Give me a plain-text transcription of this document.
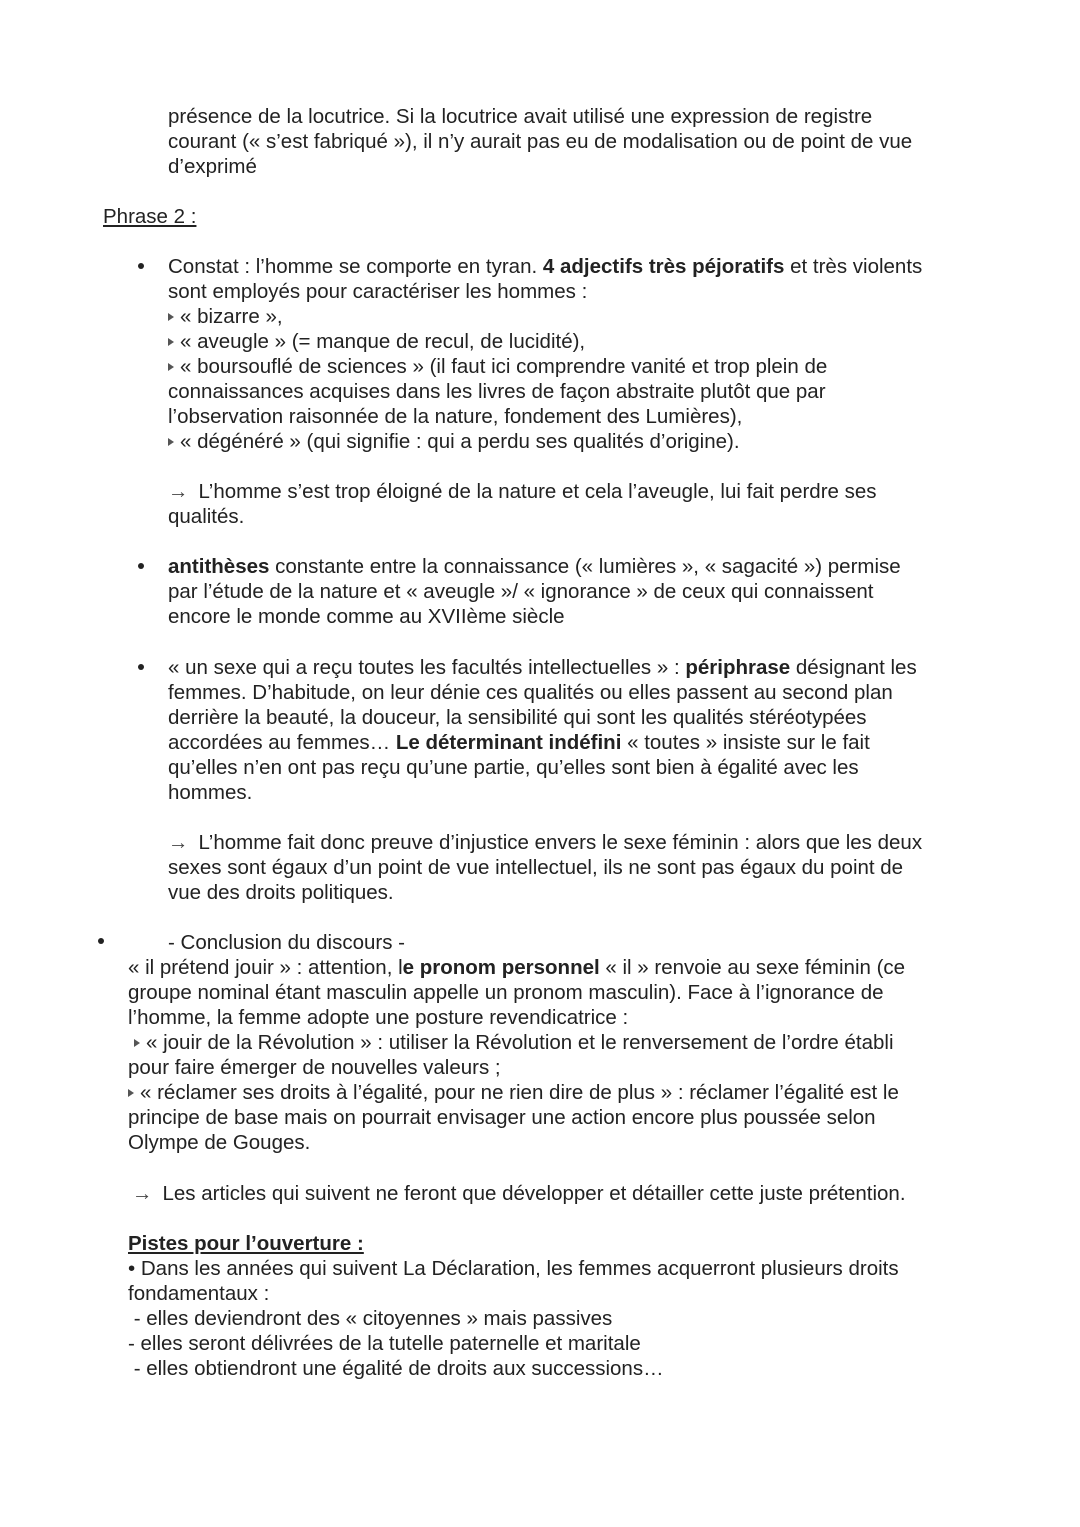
présence de la locutrice. Si la locutrice avait utilisé une expression de registre

courant (« s’est fabriqué »), il n’y aurait pas eu de modalisation ou de point de vue

d’exprimé

Phrase 2 :

Constat : l’homme se comporte en tyran. 4 adjectifs très péjoratifs et très violents

sont employés pour caractériser les hommes :

« bizarre »,

« aveugle » (= manque de recul, de lucidité),

« boursouflé de sciences » (il faut ici comprendre vanité et trop plein de

connaissances acquises dans les livres de façon abstraite plutôt que par

l’observation raisonnée de la nature, fondement des Lumières),

« dégénéré » (qui signifie : qui a perdu ses qualités d’origine).

→ L’homme s’est trop éloigné de la nature et cela l’aveugle, lui fait perdre ses

qualités.

antithèses constante entre la connaissance (« lumières », « sagacité ») permise

par l’étude de la nature et « aveugle »/ « ignorance » de ceux qui connaissent

encore le monde comme au XVIIème siècle

« un sexe qui a reçu toutes les facultés intellectuelles » : périphrase désignant les

femmes. D’habitude, on leur dénie ces qualités ou elles passent au second plan

derrière la beauté, la douceur, la sensibilité qui sont les qualités stéréotypées

accordées au femmes… Le déterminant indéfini « toutes » insiste sur le fait

qu’elles n’en ont pas reçu qu’une partie, qu’elles sont bien à égalité avec les

hommes.

→ L’homme fait donc preuve d’injustice envers le sexe féminin : alors que les deux

sexes sont égaux d’un point de vue intellectuel, ils ne sont pas égaux du point de

vue des droits politiques.

- Conclusion du discours -

« il prétend jouir » : attention, le pronom personnel « il » renvoie au sexe féminin (ce

groupe nominal étant masculin appelle un pronom masculin). Face à l’ignorance de

l’homme, la femme adopte une posture revendicatrice :

« jouir de la Révolution » : utiliser la Révolution et le renversement de l’ordre établi

pour faire émerger de nouvelles valeurs ;

« réclamer ses droits à l’égalité, pour ne rien dire de plus » : réclamer l’égalité est le

principe de base mais on pourrait envisager une action encore plus poussée selon

Olympe de Gouges.

→ Les articles qui suivent ne feront que développer et détailler cette juste prétention.

Pistes pour l’ouverture :

• Dans les années qui suivent La Déclaration, les femmes acquerront plusieurs droits

fondamentaux :

- elles deviendront des « citoyennes » mais passives

- elles seront délivrées de la tutelle paternelle et maritale

- elles obtiendront une égalité de droits aux successions…
